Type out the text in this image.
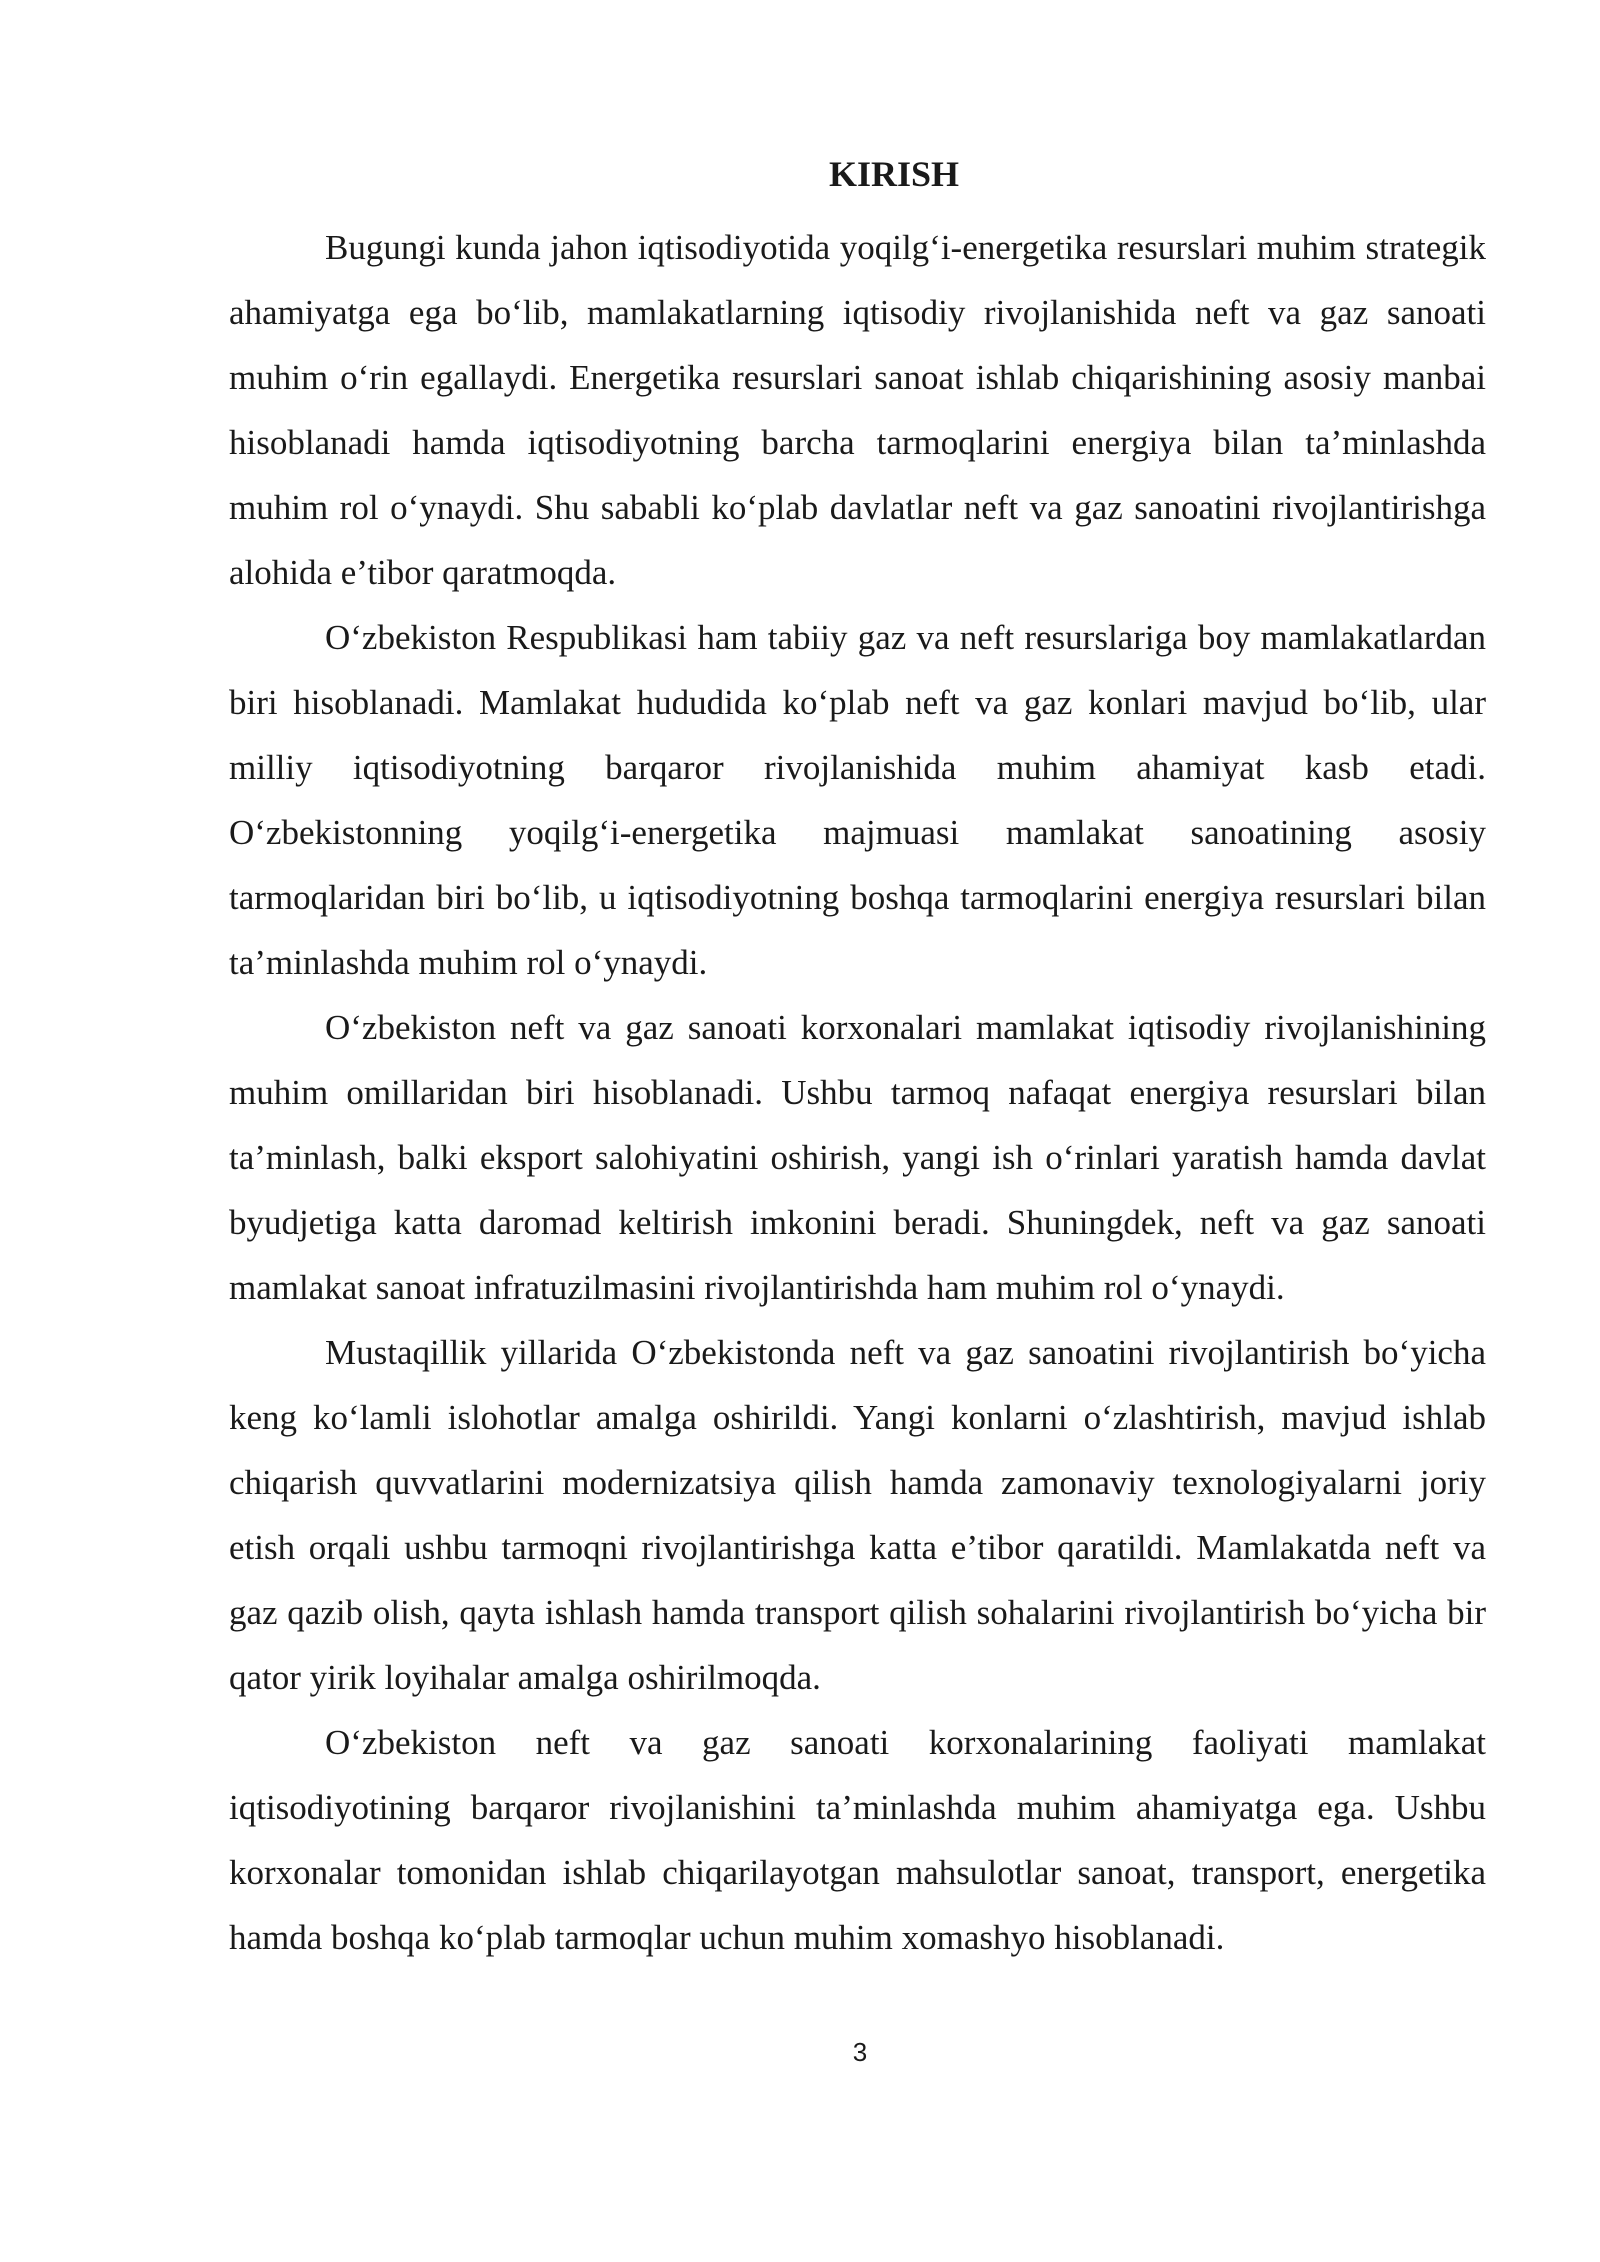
KIRISH

Bugungi kunda jahon iqtisodiyotida yoqilg‘i-energetika resurslari muhim strategik ahamiyatga ega bo‘lib, mamlakatlarning iqtisodiy rivojlanishida neft va gaz sanoati muhim o‘rin egallaydi. Energetika resurslari sanoat ishlab chiqarishining asosiy manbai hisoblanadi hamda iqtisodiyotning barcha tarmoqlarini energiya bilan ta’minlashda muhim rol o‘ynaydi. Shu sababli ko‘plab davlatlar neft va gaz sanoatini rivojlantirishga alohida e’tibor qaratmoqda.

O‘zbekiston Respublikasi ham tabiiy gaz va neft resurslariga boy mamlakatlardan biri hisoblanadi. Mamlakat hududida ko‘plab neft va gaz konlari mavjud bo‘lib, ular milliy iqtisodiyotning barqaror rivojlanishida muhim ahamiyat kasb etadi. O‘zbekistonning yoqilg‘i-energetika majmuasi mamlakat sanoatining asosiy tarmoqlaridan biri bo‘lib, u iqtisodiyotning boshqa tarmoqlarini energiya resurslari bilan ta’minlashda muhim rol o‘ynaydi.

O‘zbekiston neft va gaz sanoati korxonalari mamlakat iqtisodiy rivojlanishining muhim omillaridan biri hisoblanadi. Ushbu tarmoq nafaqat energiya resurslari bilan ta’minlash, balki eksport salohiyatini oshirish, yangi ish o‘rinlari yaratish hamda davlat byudjetiga katta daromad keltirish imkonini beradi. Shuningdek, neft va gaz sanoati mamlakat sanoat infratuzilmasini rivojlantirishda ham muhim rol o‘ynaydi.

Mustaqillik yillarida O‘zbekistonda neft va gaz sanoatini rivojlantirish bo‘yicha keng ko‘lamli islohotlar amalga oshirildi. Yangi konlarni o‘zlashtirish, mavjud ishlab chiqarish quvvatlarini modernizatsiya qilish hamda zamonaviy texnologiyalarni joriy etish orqali ushbu tarmoqni rivojlantirishga katta e’tibor qaratildi. Mamlakatda neft va gaz qazib olish, qayta ishlash hamda transport qilish sohalarini rivojlantirish bo‘yicha bir qator yirik loyihalar amalga oshirilmoqda.

O‘zbekiston neft va gaz sanoati korxonalarining faoliyati mamlakat iqtisodiyotining barqaror rivojlanishini ta’minlashda muhim ahamiyatga ega. Ushbu korxonalar tomonidan ishlab chiqarilayotgan mahsulotlar sanoat, transport, energetika hamda boshqa ko‘plab tarmoqlar uchun muhim xomashyo hisoblanadi.

3
